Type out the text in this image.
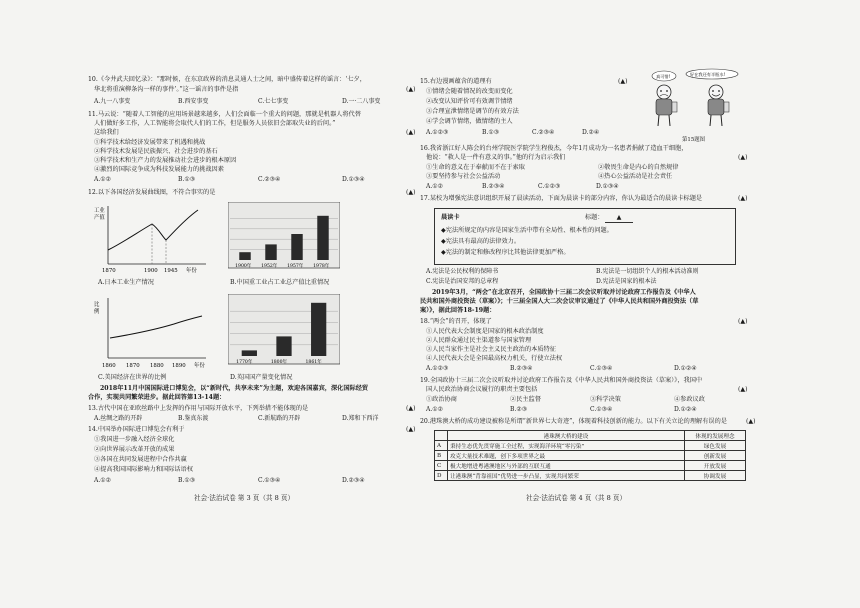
10.《今井武夫回忆录》：“那时候，在东京政界的消息灵通人士之间，暗中盛传着这样的谣言：‘七夕，
华北将重演柳条沟一样的事件’。”这一谣言的事件是指	(▲)
A.九一八事变	B.西安事变	C.七七事变	D.一·二八事变
11.马云说：“随着人工智能的应用场景越来越多，人们会面临一个重大的问题，那就是机器人将代替
人们做好多工作，人工智能将会取代人们的工作，但是服务人员依旧会部取失业的后问。”
这给我们	(▲)
①科学技术给经济发展带来了机遇和挑战
②科学技术发展是民族振兴、社会进步的基石
③科学技术和生产力的发展推动社会进步的根本原因
④激烈的国际竞争成为科技发展能力的挑战因素
A.①②	B.①③	C.②③④	D.①③④
12.以下各国经济发展曲线图，不符合事实的是	(▲)
工业
产值
1870	1900 1945 年份
A.日本工业生产情况
1900年 1952年 1957年 1978年
B.中国重工业占工业总产值比重情况
比
例
1860 1870 1880 1890 年份
C.美国经济在世界的比例
1770年	1800年	1861年
D.英国国产量变化情况
2018年11月中国国际进口博览会，以“新时代，共享未来”为主题，欢迎各国嘉宾，深化国际经贸
合作，实现共同繁荣进步。据此回答第13-14题：
13.古代中国在亚欧丝路中上发挥的作用与国际开放水平，下列举措不能体现的是	(▲)
A.丝绸之路的开辟	B.鉴真东渡	C.新航路的开辟	D.郑和下西洋
14.中国举办国际进口博览会有利于	(▲)
①我国进一步融入经济全球化
②向世界展示改革开放的成果
③各国在共同发展进程中合作共赢
④提高我国国际影响力和国际话语权
A.①②	B.①③	C.①③④	D.②③④
社会·法治试卷 第 3 页（共 8 页）
15.右边漫画蕴含的道理有	(▲)
①情绪会随着情况的改变而变化
②改变认知评价可有效调节情绪
③合理宣泄情绪是调节的有效方法
④学会调节情绪，做情绪的主人
A.①②③	B.①③	C.②③④	D.②④
真可惜!	好在我还有半瓶水!
第15题图
16.我省浙江好人陈会的台州学院医学院学生程俊杰，今年1月成功为一名患者捐献了造血干细胞，
他说：“救人是一件有意义的事。”他的行为启示我们	(▲)
①生命的意义在于奉献而不在于索取	②敬畏生命是内心的自然规律
③要坚持参与社会公益活动	④热心公益活动是社会责任
A.①②	B.②③④	C.①②③	D.①③④
17.某校为增强宪法意识组织开展了晨读活动，下面为晨读卡的部分内容，你认为最适合的晨读卡标题是	(▲)
晨读卡	标题：	▲
◆宪法所规定的内容是国家生活中带有全局性、根本性的问题。
◆宪法具有最高的法律效力。
◆宪法的制定和修改程序比其他法律更加严格。
A.宪法是公民权利的保障书	B.宪法是一切组织个人的根本活动准则
C.宪法是治国安邦的总章程	D.宪法是国家的根本法
2019年3月，“两会”在北京召开，全国政协十三届二次会议听取并讨论政府工作报告及《中华人
民共和国外商投资法（草案）》；十三届全国人大二次会议审议通过了《中华人民共和国外商投资法（草
案）》，据此回答18-19题：
18.“两会”的召开，体现了	(▲)
①人民代表大会制度是国家的根本政治制度
②人民群众通过民主渠道参与国家管理
③人民当家作主是社会主义民主政治的本质特征
④人民代表大会是全国最高权力机关，行使立法权
A.①②③	B.②③④	C.①③④	D.①②④
19.全国政协十三届二次会议听取并讨论政府工作报告及《中华人民共和国外商投资法（草案）》，我国中
国人民政治协商会议履行的职责主要包括	(▲)
①政治协商	②民主监督	③科学决策	④参政议政
A.①②	B.②③	C.①③④	D.①②④
20.港珠澳大桥的成功建设被称是所谓“新世界七大奇迹”，体现着科技创新的能力。以下有关立论的理解有误的是	(▲)
	港珠澳大桥的建设	体现的发展理念
A	秉持生态优先贯穿施工全过程，实现海洋环境“零污染”	绿色发展
B	攻克大量技术难题，创下多项世界之最	创新发展
C	极大地增进粤港澳地区与外部的互联互通	开放发展
D	让港珠澳“背靠祖国”优势进一步凸显，实现共同繁荣	协调发展
社会·法治试卷 第 4 页（共 8 页）
